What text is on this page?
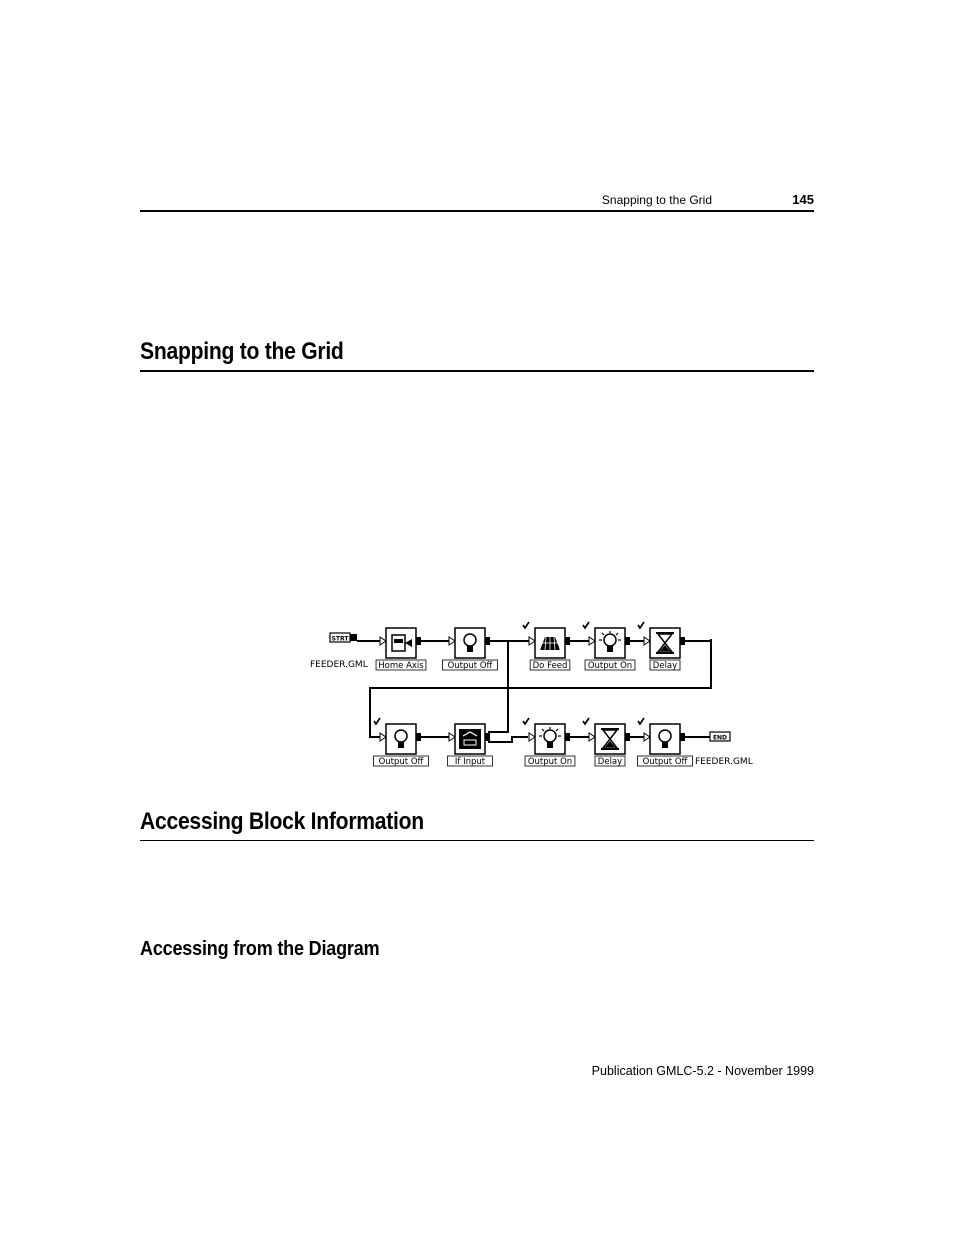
Snapping to the Grid	145
Snapping to the Grid
STRT
FEEDER.GML
END
FEEDER.GML
Home Axis	Output Off	Do Feed Output On Delay
Output Off	If Input	Output On	Delay Output Off
Accessing Block Information
Accessing from the Diagram
Publication GMLC-5.2 - November 1999
